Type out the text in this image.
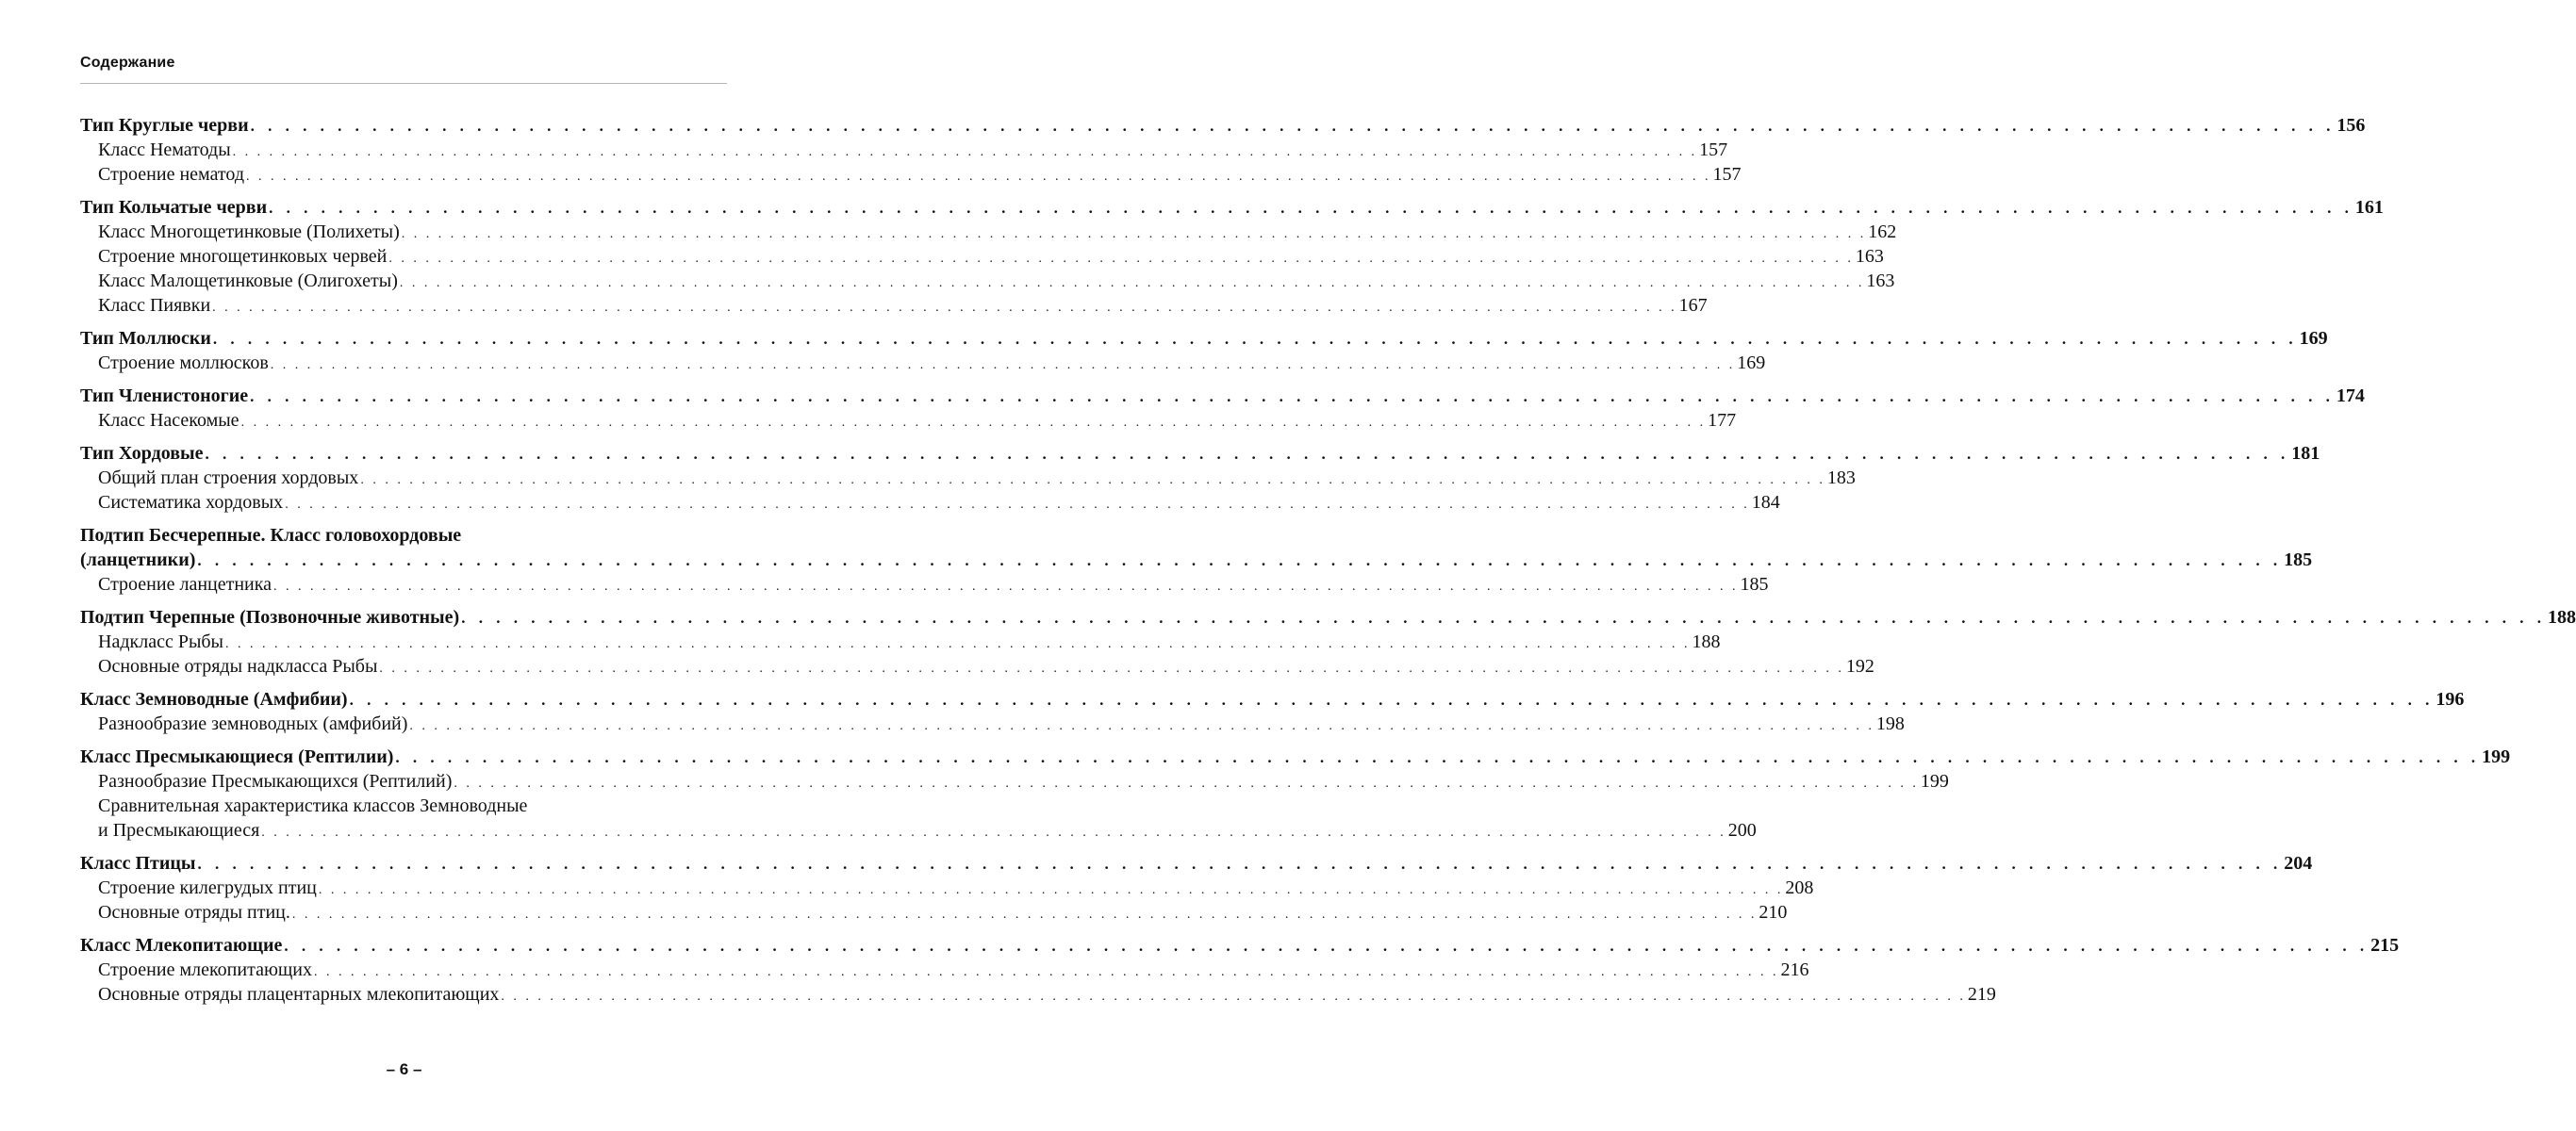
Содержание
Тип Круглые черви . . . . . . . . . . . . . . . . . . . . . . . . . . . . . . . . . . . . . . . . . . . . . . . . . . . . . . . . . . . . . . . . . . . . . . . . . . . . . . . . . . . . . . . . . . . . . . . . . . . . . . . . . . . . . . . . . . . . . . . . 156
Класс Нематоды . . . . . . . . . . . . . . . . . . . . . . . . . . . . . . . . . . . . . . . . . . . . . . . . . . . . . . . . . . . . . . . . . . . . . . . . . . . . . . . . . . . . . . . . . . . . . . . . . . . . . . . . . . . . . . . . . . . . . . . . 157
Строение нематод . . . . . . . . . . . . . . . . . . . . . . . . . . . . . . . . . . . . . . . . . . . . . . . . . . . . . . . . . . . . . . . . . . . . . . . . . . . . . . . . . . . . . . . . . . . . . . . . . . . . . . . . . . . . . . . . . . . . . . . . 157
Тип Кольчатые черви . . . . . . . . . . . . . . . . . . . . . . . . . . . . . . . . . . . . . . . . . . . . . . . . . . . . . . . . . . . . . . . . . . . . . . . . . . . . . . . . . . . . . . . . . . . . . . . . . . . . . . . . . . . . . . . . . . . . . . . . 161
Класс Многощетинковые (Полихеты) . . . . . . . . . . . . . . . . . . . . . . . . . . . . . . . . . . . . . . . . . . . . . . . . . . . . . . . . . . . . . . . . . . . . . . . . . . . . . . . . . . . . . . . . . . . . . . . . . . . . . . . . . . . . . . . . . . . . . . . . 162
Строение многощетинковых червей . . . . . . . . . . . . . . . . . . . . . . . . . . . . . . . . . . . . . . . . . . . . . . . . . . . . . . . . . . . . . . . . . . . . . . . . . . . . . . . . . . . . . . . . . . . . . . . . . . . . . . . . . . . . . . . . . . . . . . . . 163
Класс Малощетинковые (Олигохеты) . . . . . . . . . . . . . . . . . . . . . . . . . . . . . . . . . . . . . . . . . . . . . . . . . . . . . . . . . . . . . . . . . . . . . . . . . . . . . . . . . . . . . . . . . . . . . . . . . . . . . . . . . . . . . . . . . . . . . . . . 163
Класс Пиявки . . . . . . . . . . . . . . . . . . . . . . . . . . . . . . . . . . . . . . . . . . . . . . . . . . . . . . . . . . . . . . . . . . . . . . . . . . . . . . . . . . . . . . . . . . . . . . . . . . . . . . . . . . . . . . . . . . . . . . . . 167
Тип Моллюски . . . . . . . . . . . . . . . . . . . . . . . . . . . . . . . . . . . . . . . . . . . . . . . . . . . . . . . . . . . . . . . . . . . . . . . . . . . . . . . . . . . . . . . . . . . . . . . . . . . . . . . . . . . . . . . . . . . . . . . . 169
Строение моллюсков . . . . . . . . . . . . . . . . . . . . . . . . . . . . . . . . . . . . . . . . . . . . . . . . . . . . . . . . . . . . . . . . . . . . . . . . . . . . . . . . . . . . . . . . . . . . . . . . . . . . . . . . . . . . . . . . . . . . . . . . 169
Тип Членистоногие . . . . . . . . . . . . . . . . . . . . . . . . . . . . . . . . . . . . . . . . . . . . . . . . . . . . . . . . . . . . . . . . . . . . . . . . . . . . . . . . . . . . . . . . . . . . . . . . . . . . . . . . . . . . . . . . . . . . . . . . 174
Класс Насекомые . . . . . . . . . . . . . . . . . . . . . . . . . . . . . . . . . . . . . . . . . . . . . . . . . . . . . . . . . . . . . . . . . . . . . . . . . . . . . . . . . . . . . . . . . . . . . . . . . . . . . . . . . . . . . . . . . . . . . . . . 177
Тип Хордовые . . . . . . . . . . . . . . . . . . . . . . . . . . . . . . . . . . . . . . . . . . . . . . . . . . . . . . . . . . . . . . . . . . . . . . . . . . . . . . . . . . . . . . . . . . . . . . . . . . . . . . . . . . . . . . . . . . . . . . . . 181
Общий план строения хордовых . . . . . . . . . . . . . . . . . . . . . . . . . . . . . . . . . . . . . . . . . . . . . . . . . . . . . . . . . . . . . . . . . . . . . . . . . . . . . . . . . . . . . . . . . . . . . . . . . . . . . . . . . . . . . . . . . . . . . . . . 183
Систематика хордовых . . . . . . . . . . . . . . . . . . . . . . . . . . . . . . . . . . . . . . . . . . . . . . . . . . . . . . . . . . . . . . . . . . . . . . . . . . . . . . . . . . . . . . . . . . . . . . . . . . . . . . . . . . . . . . . . . . . . . . . . 184
Подтип Бесчерепные. Класс головохордовые
(ланцетники) . . . . . . . . . . . . . . . . . . . . . . . . . . . . . . . . . . . . . . . . . . . . . . . . . . . . . . . . . . . . . . . . . . . . . . . . . . . . . . . . . . . . . . . . . . . . . . . . . . . . . . . . . . . . . . . . . . . . . . . . 185
Строение ланцетника . . . . . . . . . . . . . . . . . . . . . . . . . . . . . . . . . . . . . . . . . . . . . . . . . . . . . . . . . . . . . . . . . . . . . . . . . . . . . . . . . . . . . . . . . . . . . . . . . . . . . . . . . . . . . . . . . . . . . . . . 185
Подтип Черепные (Позвоночные животные) . . . . . . . . . . . . . . . . . . . . . . . . . . . . . . . . . . . . . . . . . . . . . . . . . . . . . . . . . . . . . . . . . . . . . . . . . . . . . . . . . . . . . . . . . . . . . . . . . . . . . . . . . . . . . . . . . . . . . . . . 188
Надкласс Рыбы . . . . . . . . . . . . . . . . . . . . . . . . . . . . . . . . . . . . . . . . . . . . . . . . . . . . . . . . . . . . . . . . . . . . . . . . . . . . . . . . . . . . . . . . . . . . . . . . . . . . . . . . . . . . . . . . . . . . . . . . 188
Основные отряды надкласса Рыбы . . . . . . . . . . . . . . . . . . . . . . . . . . . . . . . . . . . . . . . . . . . . . . . . . . . . . . . . . . . . . . . . . . . . . . . . . . . . . . . . . . . . . . . . . . . . . . . . . . . . . . . . . . . . . . . . . . . . . . . . 192
Класс Земноводные (Амфибии) . . . . . . . . . . . . . . . . . . . . . . . . . . . . . . . . . . . . . . . . . . . . . . . . . . . . . . . . . . . . . . . . . . . . . . . . . . . . . . . . . . . . . . . . . . . . . . . . . . . . . . . . . . . . . . . . . . . . . . . . 196
Разнообразие земноводных (амфибий) . . . . . . . . . . . . . . . . . . . . . . . . . . . . . . . . . . . . . . . . . . . . . . . . . . . . . . . . . . . . . . . . . . . . . . . . . . . . . . . . . . . . . . . . . . . . . . . . . . . . . . . . . . . . . . . . . . . . . . . . 198
Класс Пресмыкающиеся (Рептилии) . . . . . . . . . . . . . . . . . . . . . . . . . . . . . . . . . . . . . . . . . . . . . . . . . . . . . . . . . . . . . . . . . . . . . . . . . . . . . . . . . . . . . . . . . . . . . . . . . . . . . . . . . . . . . . . . . . . . . . . . 199
Разнообразие Пресмыкающихся (Рептилий) . . . . . . . . . . . . . . . . . . . . . . . . . . . . . . . . . . . . . . . . . . . . . . . . . . . . . . . . . . . . . . . . . . . . . . . . . . . . . . . . . . . . . . . . . . . . . . . . . . . . . . . . . . . . . . . . . . . . . . . . 199
Сравнительная характеристика классов Земноводные
и Пресмыкающиеся . . . . . . . . . . . . . . . . . . . . . . . . . . . . . . . . . . . . . . . . . . . . . . . . . . . . . . . . . . . . . . . . . . . . . . . . . . . . . . . . . . . . . . . . . . . . . . . . . . . . . . . . . . . . . . . . . . . . . . . . 200
Класс Птицы . . . . . . . . . . . . . . . . . . . . . . . . . . . . . . . . . . . . . . . . . . . . . . . . . . . . . . . . . . . . . . . . . . . . . . . . . . . . . . . . . . . . . . . . . . . . . . . . . . . . . . . . . . . . . . . . . . . . . . . . 204
Строение килегрудых птиц . . . . . . . . . . . . . . . . . . . . . . . . . . . . . . . . . . . . . . . . . . . . . . . . . . . . . . . . . . . . . . . . . . . . . . . . . . . . . . . . . . . . . . . . . . . . . . . . . . . . . . . . . . . . . . . . . . . . . . . . 208
Основные отряды птиц. . . . . . . . . . . . . . . . . . . . . . . . . . . . . . . . . . . . . . . . . . . . . . . . . . . . . . . . . . . . . . . . . . . . . . . . . . . . . . . . . . . . . . . . . . . . . . . . . . . . . . . . . . . . . . . . . . . . . . . . . 210
Класс Млекопитающие . . . . . . . . . . . . . . . . . . . . . . . . . . . . . . . . . . . . . . . . . . . . . . . . . . . . . . . . . . . . . . . . . . . . . . . . . . . . . . . . . . . . . . . . . . . . . . . . . . . . . . . . . . . . . . . . . . . . . . . . 215
Строение млекопитающих . . . . . . . . . . . . . . . . . . . . . . . . . . . . . . . . . . . . . . . . . . . . . . . . . . . . . . . . . . . . . . . . . . . . . . . . . . . . . . . . . . . . . . . . . . . . . . . . . . . . . . . . . . . . . . . . . . . . . . . . 216
Основные отряды плацентарных млекопитающих . . . . . . . . . . . . . . . . . . . . . . . . . . . . . . . . . . . . . . . . . . . . . . . . . . . . . . . . . . . . . . . . . . . . . . . . . . . . . . . . . . . . . . . . . . . . . . . . . . . . . . . . . . . . . . . . . . . . . . . . 219
– 6 –
